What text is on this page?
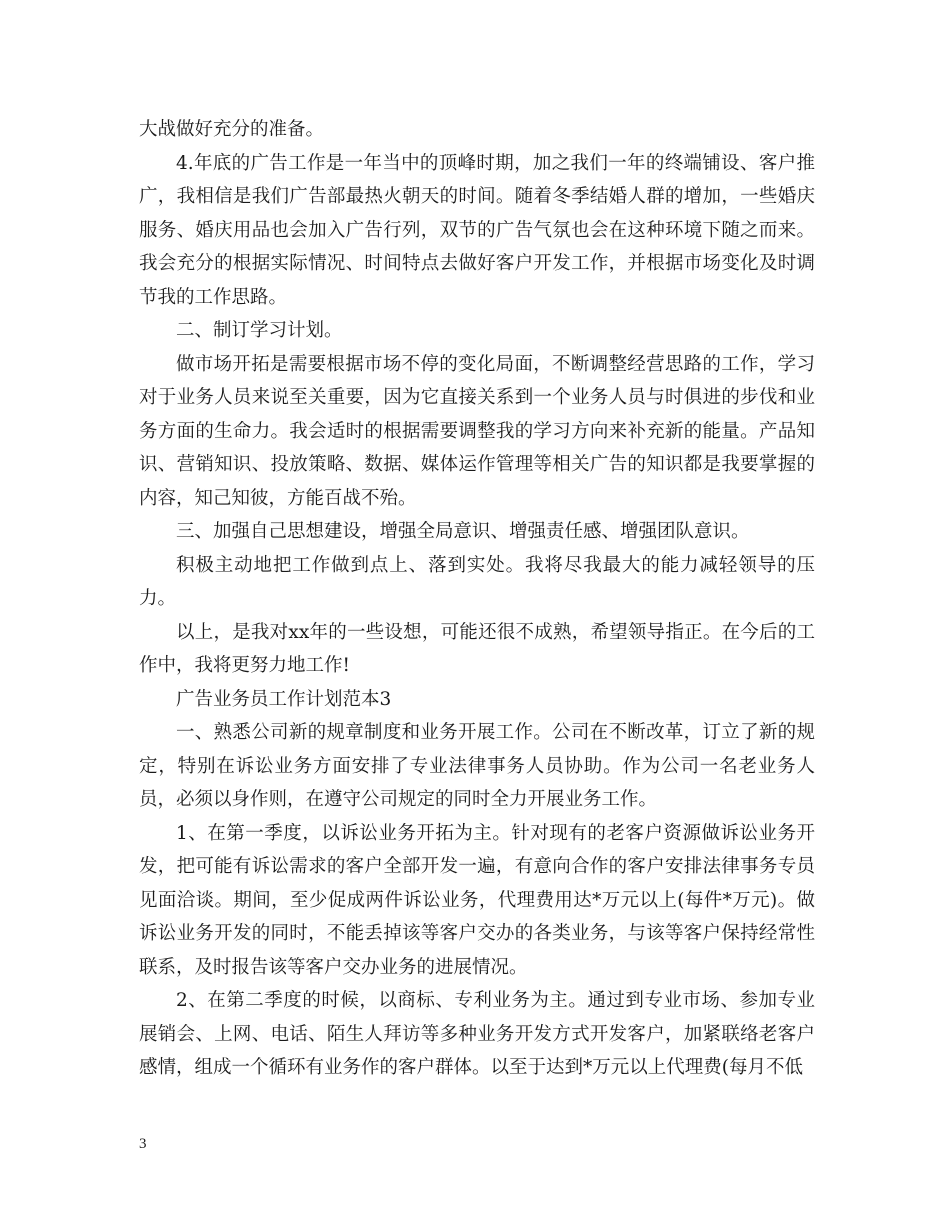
大战做好充分的准备。

4.年底的广告工作是一年当中的顶峰时期，加之我们一年的终端铺设、客户推广，我相信是我们广告部最热火朝天的时间。随着冬季结婚人群的增加，一些婚庆服务、婚庆用品也会加入广告行列，双节的广告气氛也会在这种环境下随之而来。我会充分的根据实际情况、时间特点去做好客户开发工作，并根据市场变化及时调节我的工作思路。

二、制订学习计划。

做市场开拓是需要根据市场不停的变化局面，不断调整经营思路的工作，学习对于业务人员来说至关重要，因为它直接关系到一个业务人员与时俱进的步伐和业务方面的生命力。我会适时的根据需要调整我的学习方向来补充新的能量。产品知识、营销知识、投放策略、数据、媒体运作管理等相关广告的知识都是我要掌握的内容，知己知彼，方能百战不殆。

三、加强自己思想建设，增强全局意识、增强责任感、增强团队意识。

积极主动地把工作做到点上、落到实处。我将尽我最大的能力减轻领导的压力。

以上，是我对xx年的一些设想，可能还很不成熟，希望领导指正。在今后的工作中，我将更努力地工作!

广告业务员工作计划范本3

一、熟悉公司新的规章制度和业务开展工作。公司在不断改革，订立了新的规定，特别在诉讼业务方面安排了专业法律事务人员协助。作为公司一名老业务人员，必须以身作则，在遵守公司规定的同时全力开展业务工作。

1、在第一季度，以诉讼业务开拓为主。针对现有的老客户资源做诉讼业务开发，把可能有诉讼需求的客户全部开发一遍，有意向合作的客户安排法律事务专员见面洽谈。期间，至少促成两件诉讼业务，代理费用达*万元以上(每件*万元)。做诉讼业务开发的同时，不能丢掉该等客户交办的各类业务，与该等客户保持经常性联系，及时报告该等客户交办业务的进展情况。

2、在第二季度的时候，以商标、专利业务为主。通过到专业市场、参加专业展销会、上网、电话、陌生人拜访等多种业务开发方式开发客户，加紧联络老客户感情，组成一个循环有业务作的客户群体。以至于达到*万元以上代理费(每月不低

3
